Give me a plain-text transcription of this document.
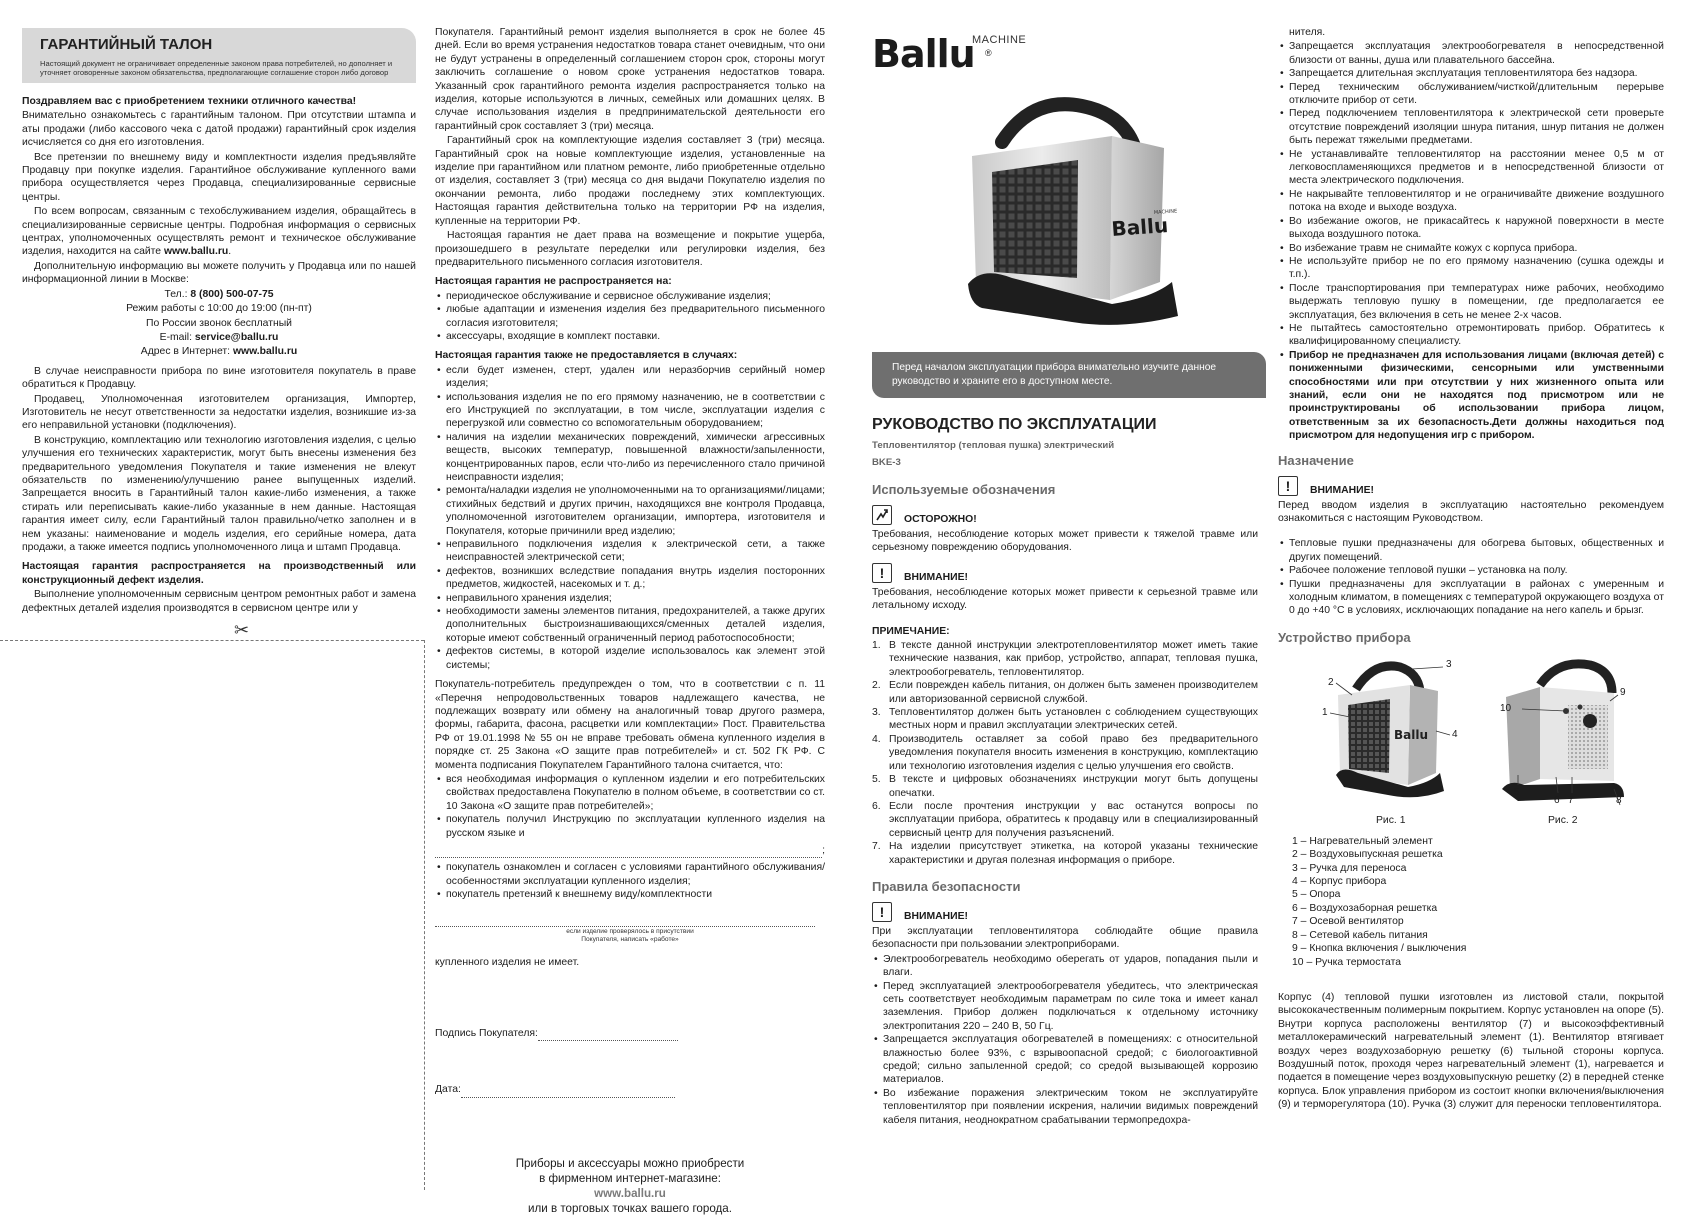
ГАРАНТИЙНЫЙ ТАЛОН
Настоящий документ не ограничивает определенные законом права потребителей, но дополняет и уточняет оговоренные законом обязательства, предполагающие соглашение сторон либо договор
Поздравляем вас с приобретением техники отличного качества!
Внимательно ознакомьтесь с гарантийным талоном. При отсутствии штампа и аты продажи (либо кассового чека с датой продажи) гарантийный срок изделия исчисляется со дня его изготовления.
Все претензии по внешнему виду и комплектности изделия предъявляйте Продавцу при покупке изделия. Гарантийное обслуживание купленного вами прибора осуществляется через Продавца, специализированные сервисные центры.
По всем вопросам, связанным с техобслуживанием изделия, обращайтесь в специализированные сервисные центры. Подробная информация о сервисных центрах, уполномоченных осуществлять ремонт и техническое обслуживание изделия, находится на сайте www.ballu.ru.
Дополнительную информацию вы можете получить у Продавца или по нашей информационной линии в Москве:
Тел.: 8 (800) 500-07-75
Режим работы с 10:00 до 19:00 (пн-пт)
По России звонок бесплатный
E-mail: service@ballu.ru
Адрес в Интернет: www.ballu.ru
В случае неисправности прибора по вине изготовителя покупатель в праве обратиться к Продавцу.
Продавец, Уполномоченная изготовителем организация, Импортер, Изготовитель не несут ответственности за недостатки изделия, возникшие из-за его неправильной установки (подключения).
В конструкцию, комплектацию или технологию изготовления изделия, с целью улучшения его технических характеристик, могут быть внесены изменения без предварительного уведомления Покупателя и такие изменения не влекут обязательств по изменению/улучшению ранее выпущенных изделий. Запрещается вносить в Гарантийный талон какие-либо изменения, а также стирать или переписывать какие-либо указанные в нем данные. Настоящая гарантия имеет силу, если Гарантийный талон правильно/четко заполнен и в нем указаны: наименование и модель изделия, его серийные номера, дата продажи, а также имеется подпись уполномоченного лица и штамп Продавца.
Настоящая гарантия распространяется на производственный или конструкционный дефект изделия.
Выполнение уполномоченным сервисным центром ремонтных работ и замена дефектных деталей изделия производятся в сервисном центре или у
✂
Покупателя. Гарантийный ремонт изделия выполняется в срок не более 45 дней. Если во время устранения недостатков товара станет очевидным, что они не будут устранены в определенный соглашением сторон срок, стороны могут заключить соглашение о новом сроке устранения недостатков товара. Указанный срок гарантийного ремонта изделия распространяется только на изделия, которые используются в личных, семейных или домашних целях. В случае использования изделия в предпринимательской деятельности его гарантийный срок составляет 3 (три) месяца.
Гарантийный срок на комплектующие изделия составляет 3 (три) месяца. Гарантийный срок на новые комплектующие изделия, установленные на изделие при гарантийном или платном ремонте, либо приобретенные отдельно от изделия, составляет 3 (три) месяца со дня выдачи Покупателю изделия по окончании ремонта, либо продажи последнему этих комплектующих. Настоящая гарантия действительна только на территории РФ на изделия, купленные на территории РФ.
Настоящая гарантия не дает права на возмещение и покрытие ущерба, произошедшего в результате переделки или регулировки изделия, без предварительного письменного согласия изготовителя.
Настоящая гарантия не распространяется на:
• периодическое обслуживание и сервисное обслуживание изделия;
• любые адаптации и изменения изделия без предварительного письменного согласия изготовителя;
• аксессуары, входящие в комплект поставки.
Настоящая гарантия также не предоставляется в случаях:
• если будет изменен, стерт, удален или неразборчив серийный номер изделия;
• использования изделия не по его прямому назначению, не в соответствии с его Инструкцией по эксплуатации, в том числе, эксплуатации изделия с перегрузкой или совместно со вспомогательным оборудованием;
• наличия на изделии механических повреждений, химически агрессивных веществ, высоких температур, повышенной влажности/запыленности, концентрированных паров, если что-либо из перечисленного стало причиной неисправности изделия;
• ремонта/наладки изделия не уполномоченными на то организациями/лицами; стихийных бедствий и других причин, находящихся вне контроля Продавца, уполномоченной изготовителем организации, импортера, изготовителя и Покупателя, которые причинили вред изделию;
• неправильного подключения изделия к электрической сети, а также неисправностей электрической сети;
• дефектов, возникших вследствие попадания внутрь изделия посторонних предметов, жидкостей, насекомых и т. д.;
• неправильного хранения изделия;
• необходимости замены элементов питания, предохранителей, а также других дополнительных быстроизнашивающихся/сменных деталей изделия, которые имеют собственный ограниченный период работоспособности;
• дефектов системы, в которой изделие использовалось как элемент этой системы;
Покупатель-потребитель предупрежден о том, что в соответствии с п. 11 «Перечня непродовольственных товаров надлежащего качества, не подлежащих возврату или обмену на аналогичный товар другого размера, формы, габарита, фасона, расцветки или комплектации» Пост. Правительства РФ от 19.01.1998 № 55 он не вправе требовать обмена купленного изделия в порядке ст. 25 Закона «О защите прав потребителей» и ст. 502 ГК РФ. С момента подписания Покупателем Гарантийного талона считается, что:
• вся необходимая информация о купленном изделии и его потребительских свойствах предоставлена Покупателю в полном объеме, в соответствии со ст. 10 Закона «О защите прав потребителей»;
• покупатель получил Инструкцию по эксплуатации купленного изделия на русском языке и
;
• покупатель ознакомлен и согласен с условиями гарантийного обслуживания/особенностями эксплуатации купленного изделия;
• покупатель претензий к внешнему виду/комплектности
если изделие проверялось в присутствии
Покупателя, написать «работе»
купленного изделия не имеет.
Подпись Покупателя:
Дата:
Приборы и аксессуары можно приобрести
в фирменном интернет-магазине:
www.ballu.ru
или в торговых точках вашего города.
Ballu
MACHINE
®
Ballu
MACHINE
Перед началом эксплуатации прибора внимательно изучите данное руководство и храните его в доступном месте.
РУКОВОДСТВО ПО ЭКСПЛУАТАЦИИ
Тепловентилятор (тепловая пушка) электрический
BKE-3
Используемые обозначения
ОСТОРОЖНО!
Требования, несоблюдение которых может привести к тяжелой травме или серьезному повреждению оборудования.
!	ВНИМАНИЕ!
Требования, несоблюдение которых может привести к серьезной травме или летальному исходу.
ПРИМЕЧАНИЕ:
1. В тексте данной инструкции электротепловентилятор может иметь такие технические названия, как прибор, устройство, аппарат, тепловая пушка, электрообогреватель, тепловентилятор.
2. Если поврежден кабель питания, он должен быть заменен производителем или авторизованной сервисной службой.
3. Тепловентилятор должен быть установлен с соблюдением существующих местных норм и правил эксплуатации электрических сетей.
4. Производитель оставляет за собой право без предварительного уведомления покупателя вносить изменения в конструкцию, комплектацию или технологию изготовления изделия с целью улучшения его свойств.
5. В тексте и цифровых обозначениях инструкции могут быть допущены опечатки.
6. Если после прочтения инструкции у вас останутся вопросы по эксплуатации прибора, обратитесь к продавцу или в специализированный сервисный центр для получения разъяснений.
7. На изделии присутствует этикетка, на которой указаны технические характеристики и другая полезная информация о приборе.
Правила безопасности
!	ВНИМАНИЕ!
При эксплуатации тепловентилятора соблюдайте общие правила безопасности при пользовании электроприборами.
• Электрообогреватель необходимо оберегать от ударов, попадания пыли и влаги.
• Перед эксплуатацией электрообогревателя убедитесь, что электрическая сеть соответствует необходимым параметрам по силе тока и имеет канал заземления. Прибор должен подключаться к отдельному источнику электропитания 220 – 240 В, 50 Гц.
• Запрещается эксплуатация обогревателей в помещениях: с относительной влажностью более 93%, с взрывоопасной средой; с биологоактивной средой; сильно запыленной средой; со средой вызывающей коррозию материалов.
• Во избежание поражения электрическим током не эксплуатируйте тепловентилятор при появлении искрения, наличии видимых повреждений кабеля питания, неоднократном срабатывании термопредохра-
нителя.
• Запрещается эксплуатация электрообогревателя в непосредственной близости от ванны, душа или плавательного бассейна.
• Запрещается длительная эксплуатация тепловентилятора без надзора.
• Перед техническим обслуживанием/чисткой/длительным перерыве отключите прибор от сети.
• Перед подключением тепловентилятора к электрической сети проверьте отсутствие повреждений изоляции шнура питания, шнур питания не должен быть пережат тяжелыми предметами.
• Не устанавливайте тепловентилятор на расстоянии менее 0,5 м от легковоспламеняющихся предметов и в непосредственной близости от места электрического подключения.
• Не накрывайте тепловентилятор и не ограничивайте движение воздушного потока на входе и выходе воздуха.
• Во избежание ожогов, не прикасайтесь к наружной поверхности в месте выхода воздушного потока.
• Во избежание травм не снимайте кожух с корпуса прибора.
• Не используйте прибор не по его прямому назначению (сушка одежды и т.п.).
• После транспортирования при температурах ниже рабочих, необходимо выдержать тепловую пушку в помещении, где предполагается ее эксплуатация, без включения в сеть не менее 2-х часов.
• Не пытайтесь самостоятельно отремонтировать прибор. Обратитесь к квалифицированному специалисту.
• Прибор не предназначен для использования лицами (включая детей) с пониженными физическими, сенсорными или умственными способностями или при отсутствии у них жизненного опыта или знаний, если они не находятся под присмотром или не проинструктированы об использовании прибора лицом, ответственным за их безопасность.Дети должны находиться под присмотром для недопущения игр с прибором.
Назначение
!	ВНИМАНИЕ!
Перед вводом изделия в эксплуатацию настоятельно рекомендуем ознакомиться с настоящим Руководством.
• Тепловые пушки предназначены для обогрева бытовых, общественных и других помещений.
• Рабочее положение тепловой пушки – установка на полу.
• Пушки предназначены для эксплуатации в районах с умеренным и холодным климатом, в помещениях с температурой окружающего воздуха от 0 до +40 °С в условиях, исключающих попадание на него капель и брызг.
Устройство прибора
Ballu
1
2
3
4
10
9
5
6 7	8
Рис. 1	Рис. 2
1 – Нагревательный элемент
2 – Воздуховыпускная решетка
3 – Ручка для переноса
4 – Корпус прибора
5 – Опора
6 – Воздухозаборная решетка
7 – Осевой вентилятор
8 – Сетевой кабель питания
9 – Кнопка включения / выключения
10 – Ручка термостата
Корпус (4) тепловой пушки изготовлен из листовой стали, покрытой высококачественным полимерным покрытием. Корпус установлен на опоре (5). Внутри корпуса расположены вентилятор (7) и высокоэффективный металлокерамический нагревательный элемент (1). Вентилятор втягивает воздух через воздухозаборную решетку (6) тыльной стороны корпуса. Воздушный поток, проходя через нагревательный элемент (1), нагревается и подается в помещение через воздуховыпускную решетку (2) в передней стенке корпуса. Блок управления прибором из состоит кнопки включения/выключения (9) и терморегулятора (10). Ручка (3) служит для переноски тепловентилятора.
